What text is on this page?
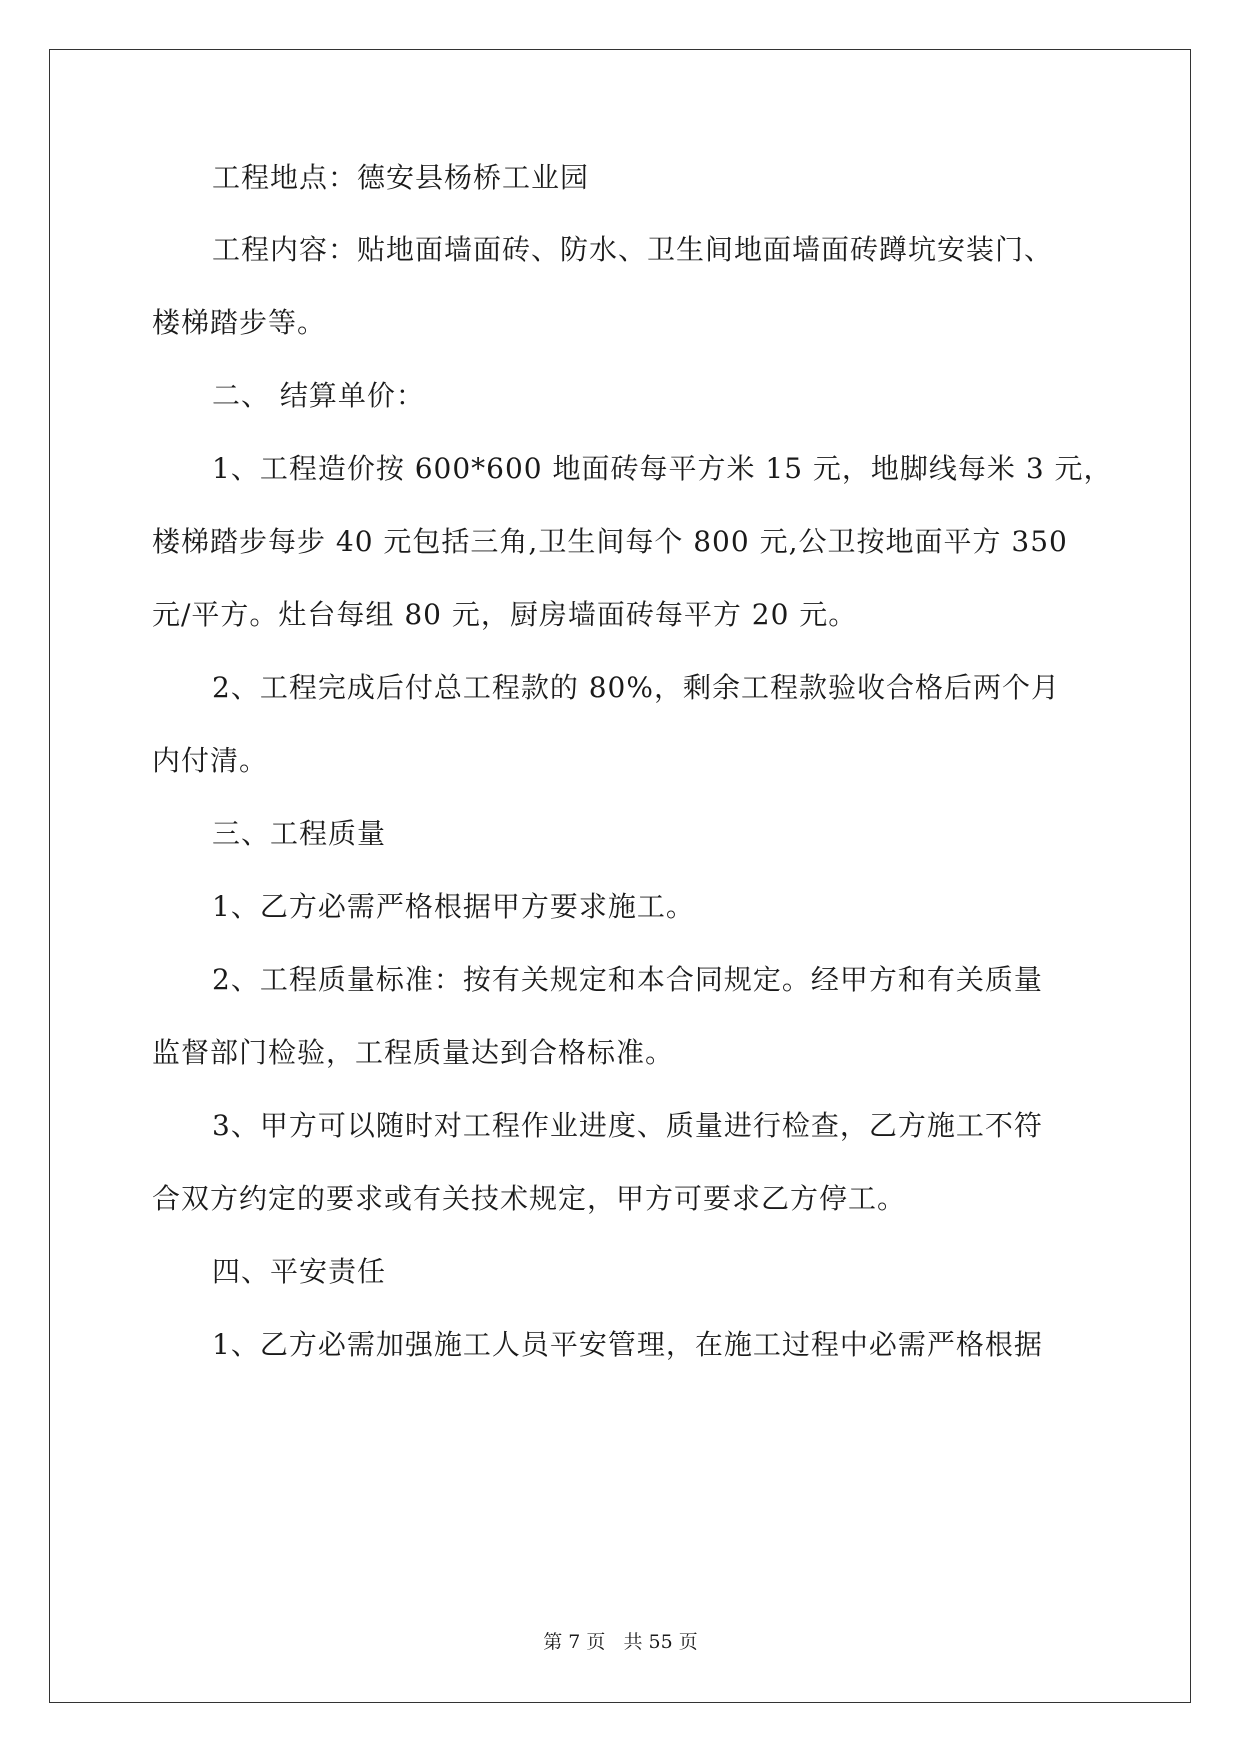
工程地点：德安县杨桥工业园
工程内容：贴地面墙面砖、防水、卫生间地面墙面砖蹲坑安装门、
楼梯踏步等。
二、 结算单价：
1、工程造价按 600*600 地面砖每平方米 15 元，地脚线每米 3 元，
楼梯踏步每步 40 元包括三角,卫生间每个 800 元,公卫按地面平方 350
元/平方。灶台每组 80 元，厨房墙面砖每平方 20 元。
2、工程完成后付总工程款的 80%，剩余工程款验收合格后两个月
内付清。
三、工程质量
1、乙方必需严格根据甲方要求施工。
2、工程质量标准：按有关规定和本合同规定。经甲方和有关质量
监督部门检验，工程质量达到合格标准。
3、甲方可以随时对工程作业进度、质量进行检查，乙方施工不符
合双方约定的要求或有关技术规定，甲方可要求乙方停工。
四、平安责任
1、乙方必需加强施工人员平安管理，在施工过程中必需严格根据
第 7 页 共 55 页
